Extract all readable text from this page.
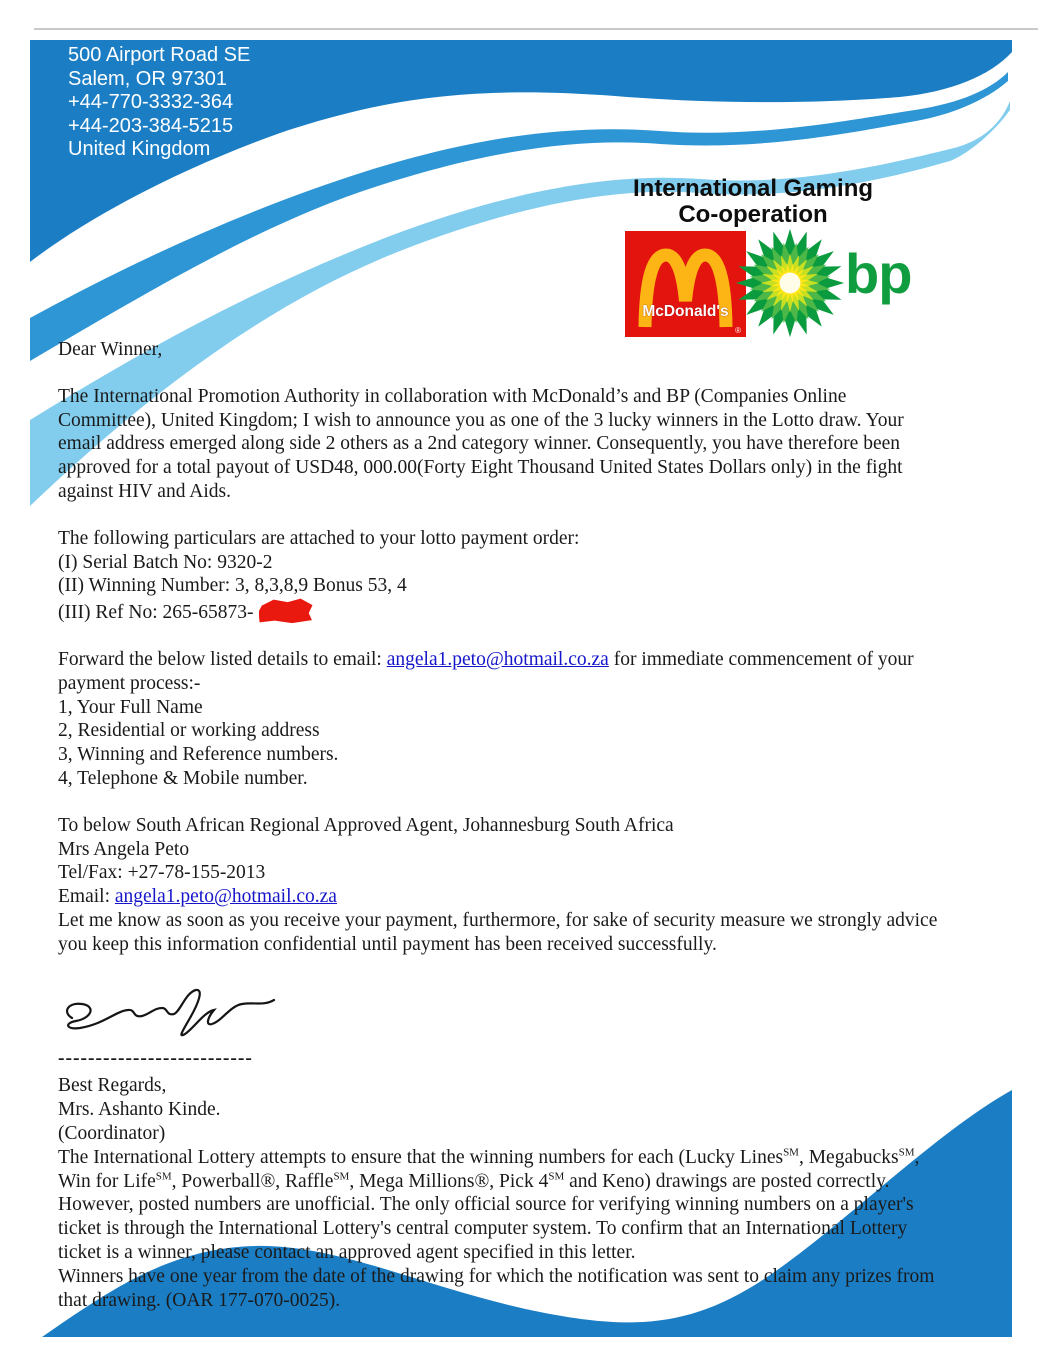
500 Airport Road SE
Salem, OR 97301
+44-770-3332-364
+44-203-384-5215
United Kingdom
International Gaming
Co-operation
McDonald's
®
bp
Dear Winner,
The International Promotion Authority in collaboration with McDonald’s and BP (Companies Online Committee), United Kingdom; I wish to announce you as one of the 3 lucky winners in the Lotto draw. Your email address emerged along side 2 others as a 2nd category winner. Consequently, you have therefore been approved for a total payout of USD48, 000.00(Forty Eight Thousand United States Dollars only) in the fight against HIV and Aids.
The following particulars are attached to your lotto payment order:
(I) Serial Batch No: 9320-2
(II) Winning Number: 3, 8,3,8,9 Bonus 53, 4
(III) Ref No: 265-65873-
Forward the below listed details to email: angela1.peto@hotmail.co.za for immediate commencement of your payment process:-
1, Your Full Name
2, Residential or working address
3, Winning and Reference numbers.
4, Telephone & Mobile number.
To below South African Regional Approved Agent, Johannesburg South Africa
Mrs Angela Peto
Tel/Fax: +27-78-155-2013
Email: angela1.peto@hotmail.co.za
Let me know as soon as you receive your payment, furthermore, for sake of security measure we strongly advice you keep this information confidential until payment has been received successfully.
--------------------------
Best Regards,
Mrs. Ashanto Kinde.
(Coordinator)
The International Lottery attempts to ensure that the winning numbers for each (Lucky Lines℠, Megabucks℠, Win for Life℠, Powerball®, Raffle℠, Mega Millions®, Pick 4℠ and Keno) drawings are posted correctly. However, posted numbers are unofficial. The only official source for verifying winning numbers on a player's ticket is through the International Lottery's central computer system. To confirm that an International Lottery ticket is a winner, please contact an approved agent specified in this letter.
Winners have one year from the date of the drawing for which the notification was sent to claim any prizes from that drawing. (OAR 177-070-0025).
